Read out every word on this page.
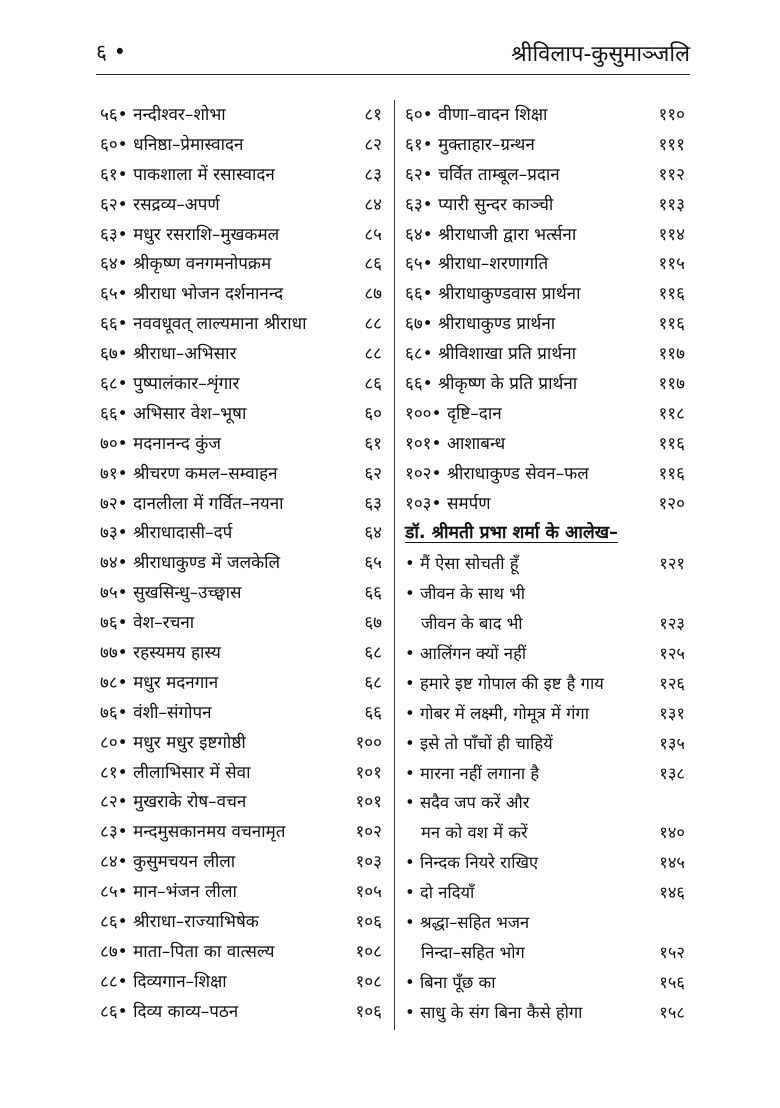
६ •	श्रीविलाप-कुसुमाञ्जलि
५६• नन्दीश्वर–शोभा	८१
६०• धनिष्ठा–प्रेमास्वादन	८२
६१• पाकशाला में रसास्वादन	८३
६२• रसद्रव्य–अपर्ण	८४
६३• मधुर रसराशि–मुखकमल	८५
६४• श्रीकृष्ण वनगमनोपक्रम	८६
६५• श्रीराधा भोजन दर्शनानन्द	८७
६६• नववधूवत् लाल्यमाना श्रीराधा	८८
६७• श्रीराधा–अभिसार	८८
६८• पुष्पालंकार–शृंगार	८६
६६• अभिसार वेश–भूषा	६०
७०• मदनानन्द कुंज	६१
७१• श्रीचरण कमल–सम्वाहन	६२
७२• दानलीला में गर्वित–नयना	६३
७३• श्रीराधादासी–दर्प	६४
७४• श्रीराधाकुण्ड में जलकेलि	६५
७५• सुखसिन्धु–उच्छ्वास	६६
७६• वेश–रचना	६७
७७• रहस्यमय हास्य	६८
७८• मधुर मदनगान	६८
७६• वंशी–संगोपन	६६
८०• मधुर मधुर इष्टगोष्ठी	१००
८१• लीलाभिसार में सेवा	१०१
८२• मुखराके रोष–वचन	१०१
८३• मन्दमुसकानमय वचनामृत	१०२
८४• कुसुमचयन लीला	१०३
८५• मान–भंजन लीला	१०५
८६• श्रीराधा–राज्याभिषेक	१०६
८७• माता–पिता का वात्सल्य	१०८
८८• दिव्यगान–शिक्षा	१०८
८६• दिव्य काव्य–पठन	१०६
६०• वीणा–वादन शिक्षा	११०
६१• मुक्ताहार–ग्रन्थन	१११
६२• चर्वित ताम्बूल–प्रदान	११२
६३• प्यारी सुन्दर काञ्ची	११३
६४• श्रीराधाजी द्वारा भर्त्सना	११४
६५• श्रीराधा–शरणागति	११५
६६• श्रीराधाकुण्डवास प्रार्थना	११६
६७• श्रीराधाकुण्ड प्रार्थना	११६
६८• श्रीविशाखा प्रति प्रार्थना	११७
६६• श्रीकृष्ण के प्रति प्रार्थना	११७
१००• दृष्टि–दान	११८
१०१• आशाबन्ध	११६
१०२• श्रीराधाकुण्ड सेवन–फल	११६
१०३• समर्पण	१२०
डॉ. श्रीमती प्रभा शर्मा के आलेख–
• मैं ऐसा सोचती हूँ	१२१
• जीवन के साथ भी
जीवन के बाद भी	१२३
• आलिंगन क्यों नहीं	१२५
• हमारे इष्ट गोपाल की इष्ट है गाय	१२६
• गोबर में लक्ष्मी, गोमूत्र में गंगा	१३१
• इसे तो पाँचों ही चाहियें	१३५
• मारना नहीं लगाना है	१३८
• सदैव जप करें और
मन को वश में करें	१४०
• निन्दक नियरे राखिए	१४५
• दो नदियाँ	१४६
• श्रद्धा–सहित भजन
निन्दा–सहित भोग	१५२
• बिना पूँछ का	१५६
• साधु के संग बिना कैसे होगा	१५८
